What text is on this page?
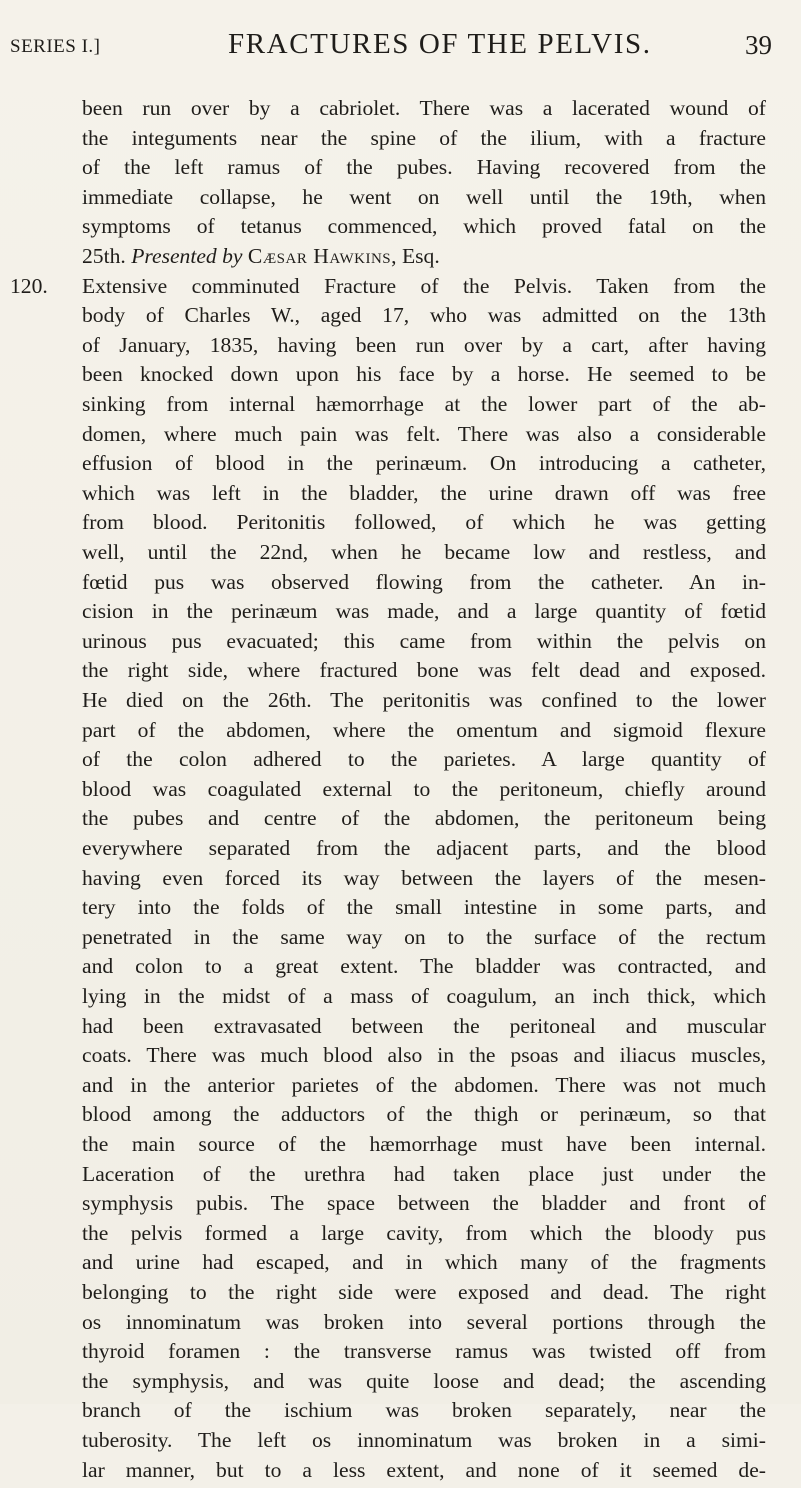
SERIES I.]	FRACTURES OF THE PELVIS.	39
been run over by a cabriolet. There was a lacerated wound of
the integuments near the spine of the ilium, with a fracture
of the left ramus of the pubes. Having recovered from the
immediate collapse, he went on well until the 19th, when
symptoms of tetanus commenced, which proved fatal on the
25th. Presented by Cæsar Hawkins, Esq.
Extensive comminuted Fracture of the Pelvis. Taken from the
body of Charles W., aged 17, who was admitted on the 13th
of January, 1835, having been run over by a cart, after having
been knocked down upon his face by a horse. He seemed to be
sinking from internal hæmorrhage at the lower part of the ab-
domen, where much pain was felt. There was also a considerable
effusion of blood in the perinæum. On introducing a catheter,
which was left in the bladder, the urine drawn off was free
from blood. Peritonitis followed, of which he was getting
well, until the 22nd, when he became low and restless, and
fœtid pus was observed flowing from the catheter. An in-
cision in the perinæum was made, and a large quantity of fœtid
urinous pus evacuated; this came from within the pelvis on
the right side, where fractured bone was felt dead and exposed.
He died on the 26th. The peritonitis was confined to the lower
part of the abdomen, where the omentum and sigmoid flexure
of the colon adhered to the parietes. A large quantity of
blood was coagulated external to the peritoneum, chiefly around
the pubes and centre of the abdomen, the peritoneum being
everywhere separated from the adjacent parts, and the blood
having even forced its way between the layers of the mesen-
tery into the folds of the small intestine in some parts, and
penetrated in the same way on to the surface of the rectum
and colon to a great extent. The bladder was contracted, and
lying in the midst of a mass of coagulum, an inch thick, which
had been extravasated between the peritoneal and muscular
coats. There was much blood also in the psoas and iliacus muscles,
and in the anterior parietes of the abdomen. There was not much
blood among the adductors of the thigh or perinæum, so that
the main source of the hæmorrhage must have been internal.
Laceration of the urethra had taken place just under the
symphysis pubis. The space between the bladder and front of
the pelvis formed a large cavity, from which the bloody pus
and urine had escaped, and in which many of the fragments
belonging to the right side were exposed and dead. The right
os innominatum was broken into several portions through the
thyroid foramen : the transverse ramus was twisted off from
the symphysis, and was quite loose and dead; the ascending
branch of the ischium was broken separately, near the
tuberosity. The left os innominatum was broken in a simi-
lar manner, but to a less extent, and none of it seemed de-
120.
